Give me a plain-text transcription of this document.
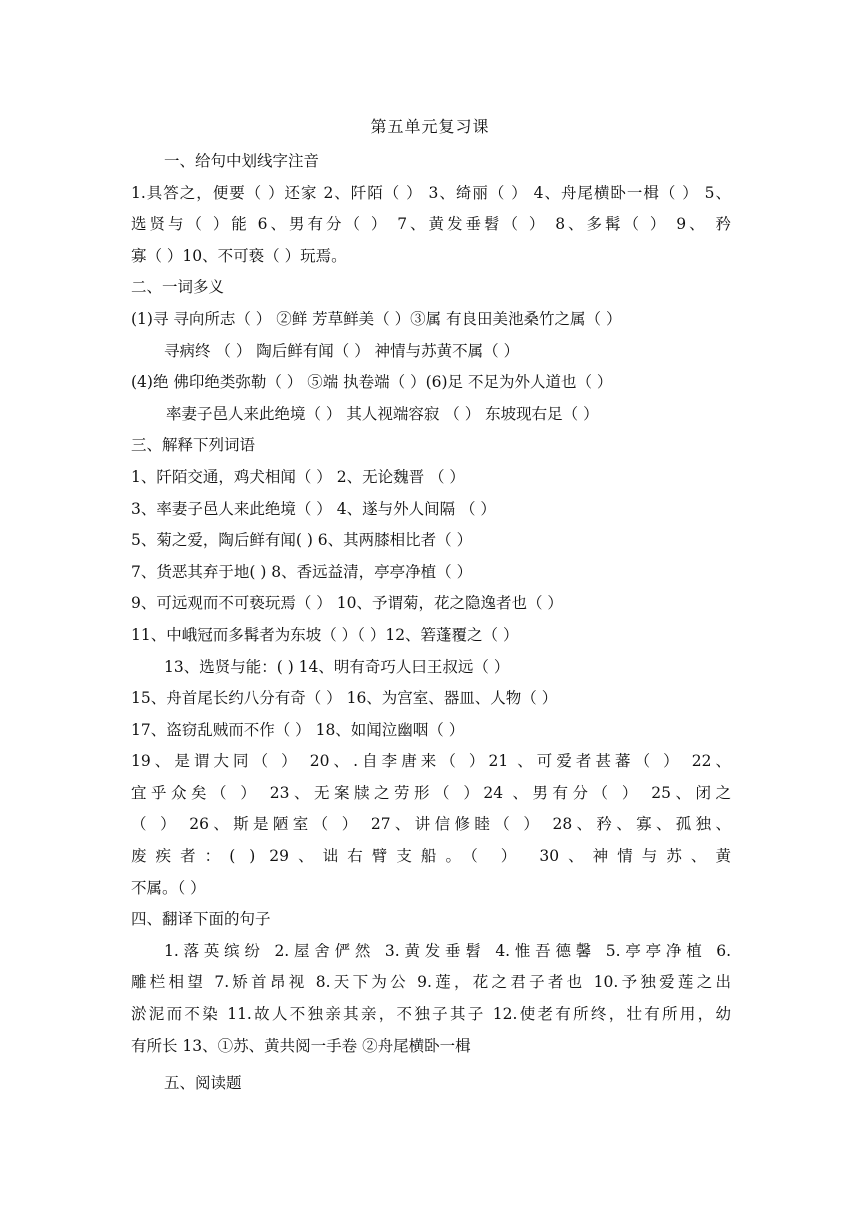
第五单元复习课
一、给句中划线字注音
1.具答之，便要（ ）还家 2、阡陌（ ） 3、绮丽（ ） 4、舟尾横卧一楫（ ） 5、
选贤与（ ）能 6、男有分（ ） 7、黄发垂髫（ ） 8、多髯（ ） 9、 矜
寡（ ）10、不可亵（ ）玩焉。
二、一词多义
(1)寻 寻向所志（ ） ②鲜 芳草鲜美（ ）③属 有良田美池桑竹之属（ ）
寻病终 （ ） 陶后鲜有闻（ ） 神情与苏黄不属（ ）
(4)绝 佛印绝类弥勒（ ） ⑤端 执卷端（ ）(6)足 不足为外人道也（ ）
率妻子邑人来此绝境（ ） 其人视端容寂 （ ） 东坡现右足（ ）
三、解释下列词语
1、阡陌交通，鸡犬相闻（ ） 2、无论魏晋 （ ）
3、率妻子邑人来此绝境（ ） 4、遂与外人间隔 （ ）
5、菊之爱，陶后鲜有闻( ) 6、其两膝相比者（ ）
7、货恶其弃于地( ) 8、香远益清，亭亭净植（ ）
9、可远观而不可亵玩焉（ ） 10、予谓菊，花之隐逸者也（ ）
11、中峨冠而多髯者为东坡（ ）（ ）12、箬蓬覆之（ ）
13、选贤与能：( ) 14、明有奇巧人曰王叔远（ ）
15、舟首尾长约八分有奇（ ） 16、为宫室、器皿、人物（ ）
17、盗窃乱贼而不作（ ） 18、如闻泣幽咽（ ）
19、是谓大同（ ） 20、.自李唐来（ ）21 、可爱者甚蕃（ ） 22、
宜乎众矣（ ） 23、无案牍之劳形（ ）24 、男有分（ ） 25、闭之
（ ） 26、斯是陋室（ ） 27、讲信修睦（ ） 28、矜、寡、孤独、
废疾者：( ) 29、诎右臂支船。（ ） 30、神情与苏、黄
不属。（ ）
四、翻译下面的句子
1.落英缤纷 2.屋舍俨然 3.黄发垂髫 4.惟吾德馨 5.亭亭净植 6.
雕栏相望 7.矫首昂视 8.天下为公 9.莲，花之君子者也 10.予独爱莲之出
淤泥而不染 11.故人不独亲其亲，不独子其子 12.使老有所终，壮有所用，幼
有所长 13、①苏、黄共阅一手卷 ②舟尾横卧一楫
五、阅读题
